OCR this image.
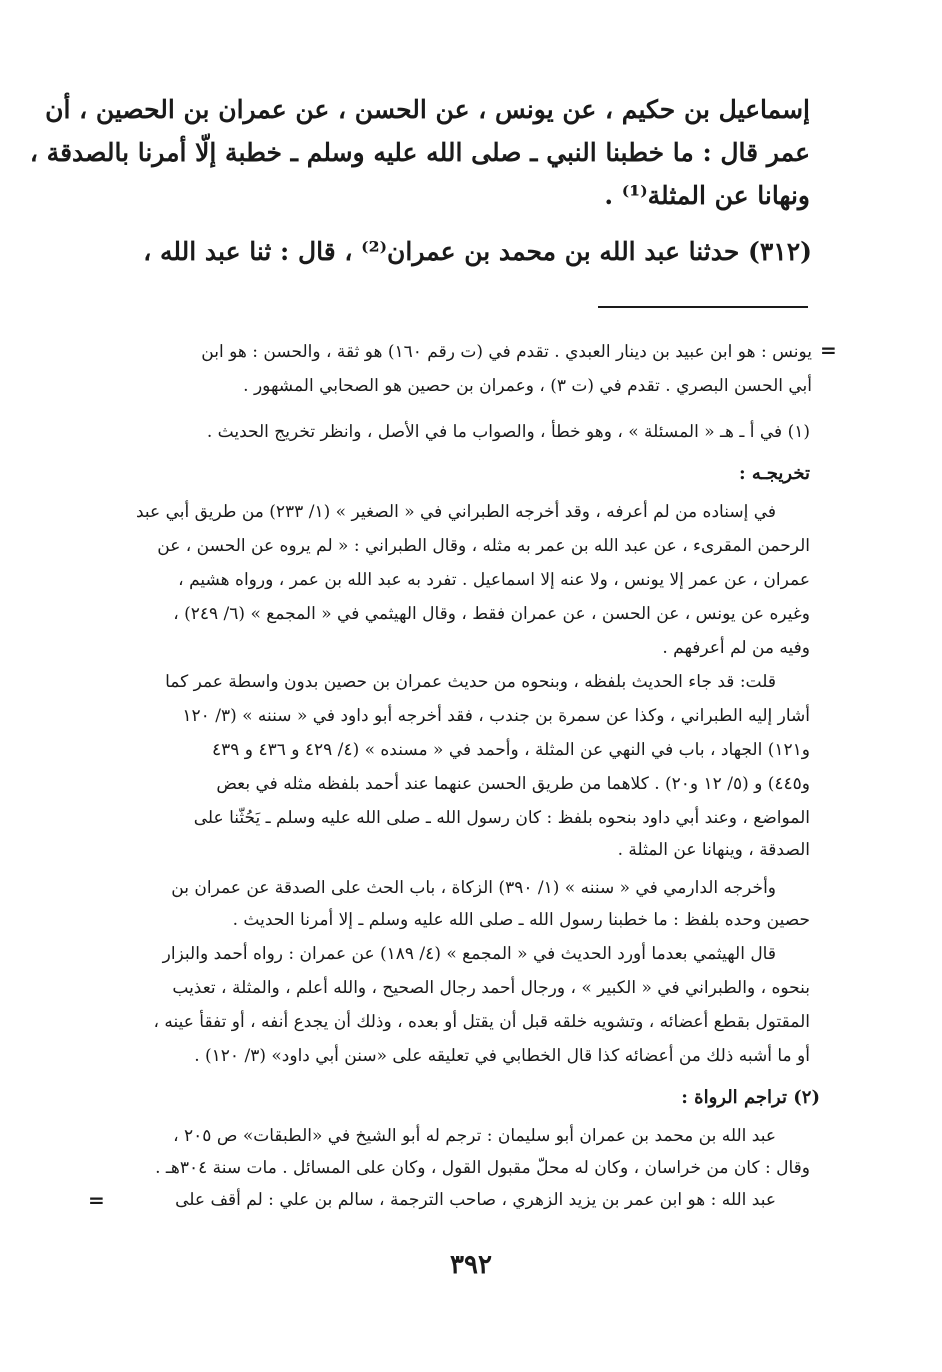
إسماعيل بن حكيم ، عن يونس ، عن الحسن ، عن عمران بن الحصين ، أن
عمر قال : ما خطبنا النبي ـ صلى الله عليه وسلم ـ خطبة إلّا أمرنا بالصدقة ،
ونهانا عن المثلة⁽¹⁾ .
(٣١٢) حدثنا عبد الله بن محمد بن عمران⁽²⁾ ، قال : ثنا عبد الله ،
=
يونس : هو ابن عبيد بن دينار العبدي . تقدم في (ت رقم ١٦٠) هو ثقة ، والحسن : هو ابن
أبي الحسن البصري . تقدم في (ت ٣) ، وعمران بن حصين هو الصحابي المشهور .
(١) في أ ـ هـ « المسئلة » ، وهو خطأ ، والصواب ما في الأصل ، وانظر تخريج الحديث .
تخريجـه :
في إسناده من لم أعرفه ، وقد أخرجه الطبراني في « الصغير » (١/ ٢٣٣) من طريق أبي عبد
الرحمن المقرىء ، عن عبد الله بن عمر به مثله ، وقال الطبراني : « لم يروه عن الحسن ، عن
عمران ، عن عمر إلا يونس ، ولا عنه إلا اسماعيل . تفرد به عبد الله بن عمر ، ورواه هشيم ،
وغيره عن يونس ، عن الحسن ، عن عمران فقط ، وقال الهيثمي في « المجمع » (٦/ ٢٤٩) ،
وفيه من لم أعرفهم .
قلت: قد جاء الحديث بلفظه ، وبنحوه من حديث عمران بن حصين بدون واسطة عمر كما
أشار إليه الطبراني ، وكذا عن سمرة بن جندب ، فقد أخرجه أبو داود في « سننه » (٣/ ١٢٠
و١٢١) الجهاد ، باب في النهي عن المثلة ، وأحمد في « مسنده » (٤/ ٤٢٩ و ٤٣٦ و ٤٣٩
و٤٤٥) و (٥/ ١٢ و٢٠) . كلاهما من طريق الحسن عنهما عند أحمد بلفظه مثله في بعض
المواضع ، وعند أبي داود بنحوه بلفظ : كان رسول الله ـ صلى الله عليه وسلم ـ يَحُثّنا على
الصدقة ، وينهانا عن المثلة .
وأخرجه الدارمي في « سننه » (١/ ٣٩٠) الزكاة ، باب الحث على الصدقة عن عمران بن
حصين وحده بلفظ : ما خطبنا رسول الله ـ صلى الله عليه وسلم ـ إلا أمرنا الحديث .
قال الهيثمي بعدما أورد الحديث في « المجمع » (٤/ ١٨٩) عن عمران : رواه أحمد والبزار
بنحوه ، والطبراني في « الكبير » ، ورجال أحمد رجال الصحيح ، والله أعلم ، والمثلة ، تعذيب
المقتول بقطع أعضائه ، وتشويه خلقه قبل أن يقتل أو بعده ، وذلك أن يجدع أنفه ، أو تفقأ عينه ،
أو ما أشبه ذلك من أعضائه كذا قال الخطابي في تعليقه على «سنن أبي داود» (٣/ ١٢٠) .
(٢) تراجم الرواة :
عبد الله بن محمد بن عمران أبو سليمان : ترجم له أبو الشيخ في «الطبقات» ص ٢٠٥ ،
وقال : كان من خراسان ، وكان له محلّ مقبول القول ، وكان على المسائل . مات سنة ٣٠٤هـ .
عبد الله : هو ابن عمر بن يزيد الزهري ، صاحب الترجمة ، سالم بن علي : لم أقف على
=
٣٩٢
